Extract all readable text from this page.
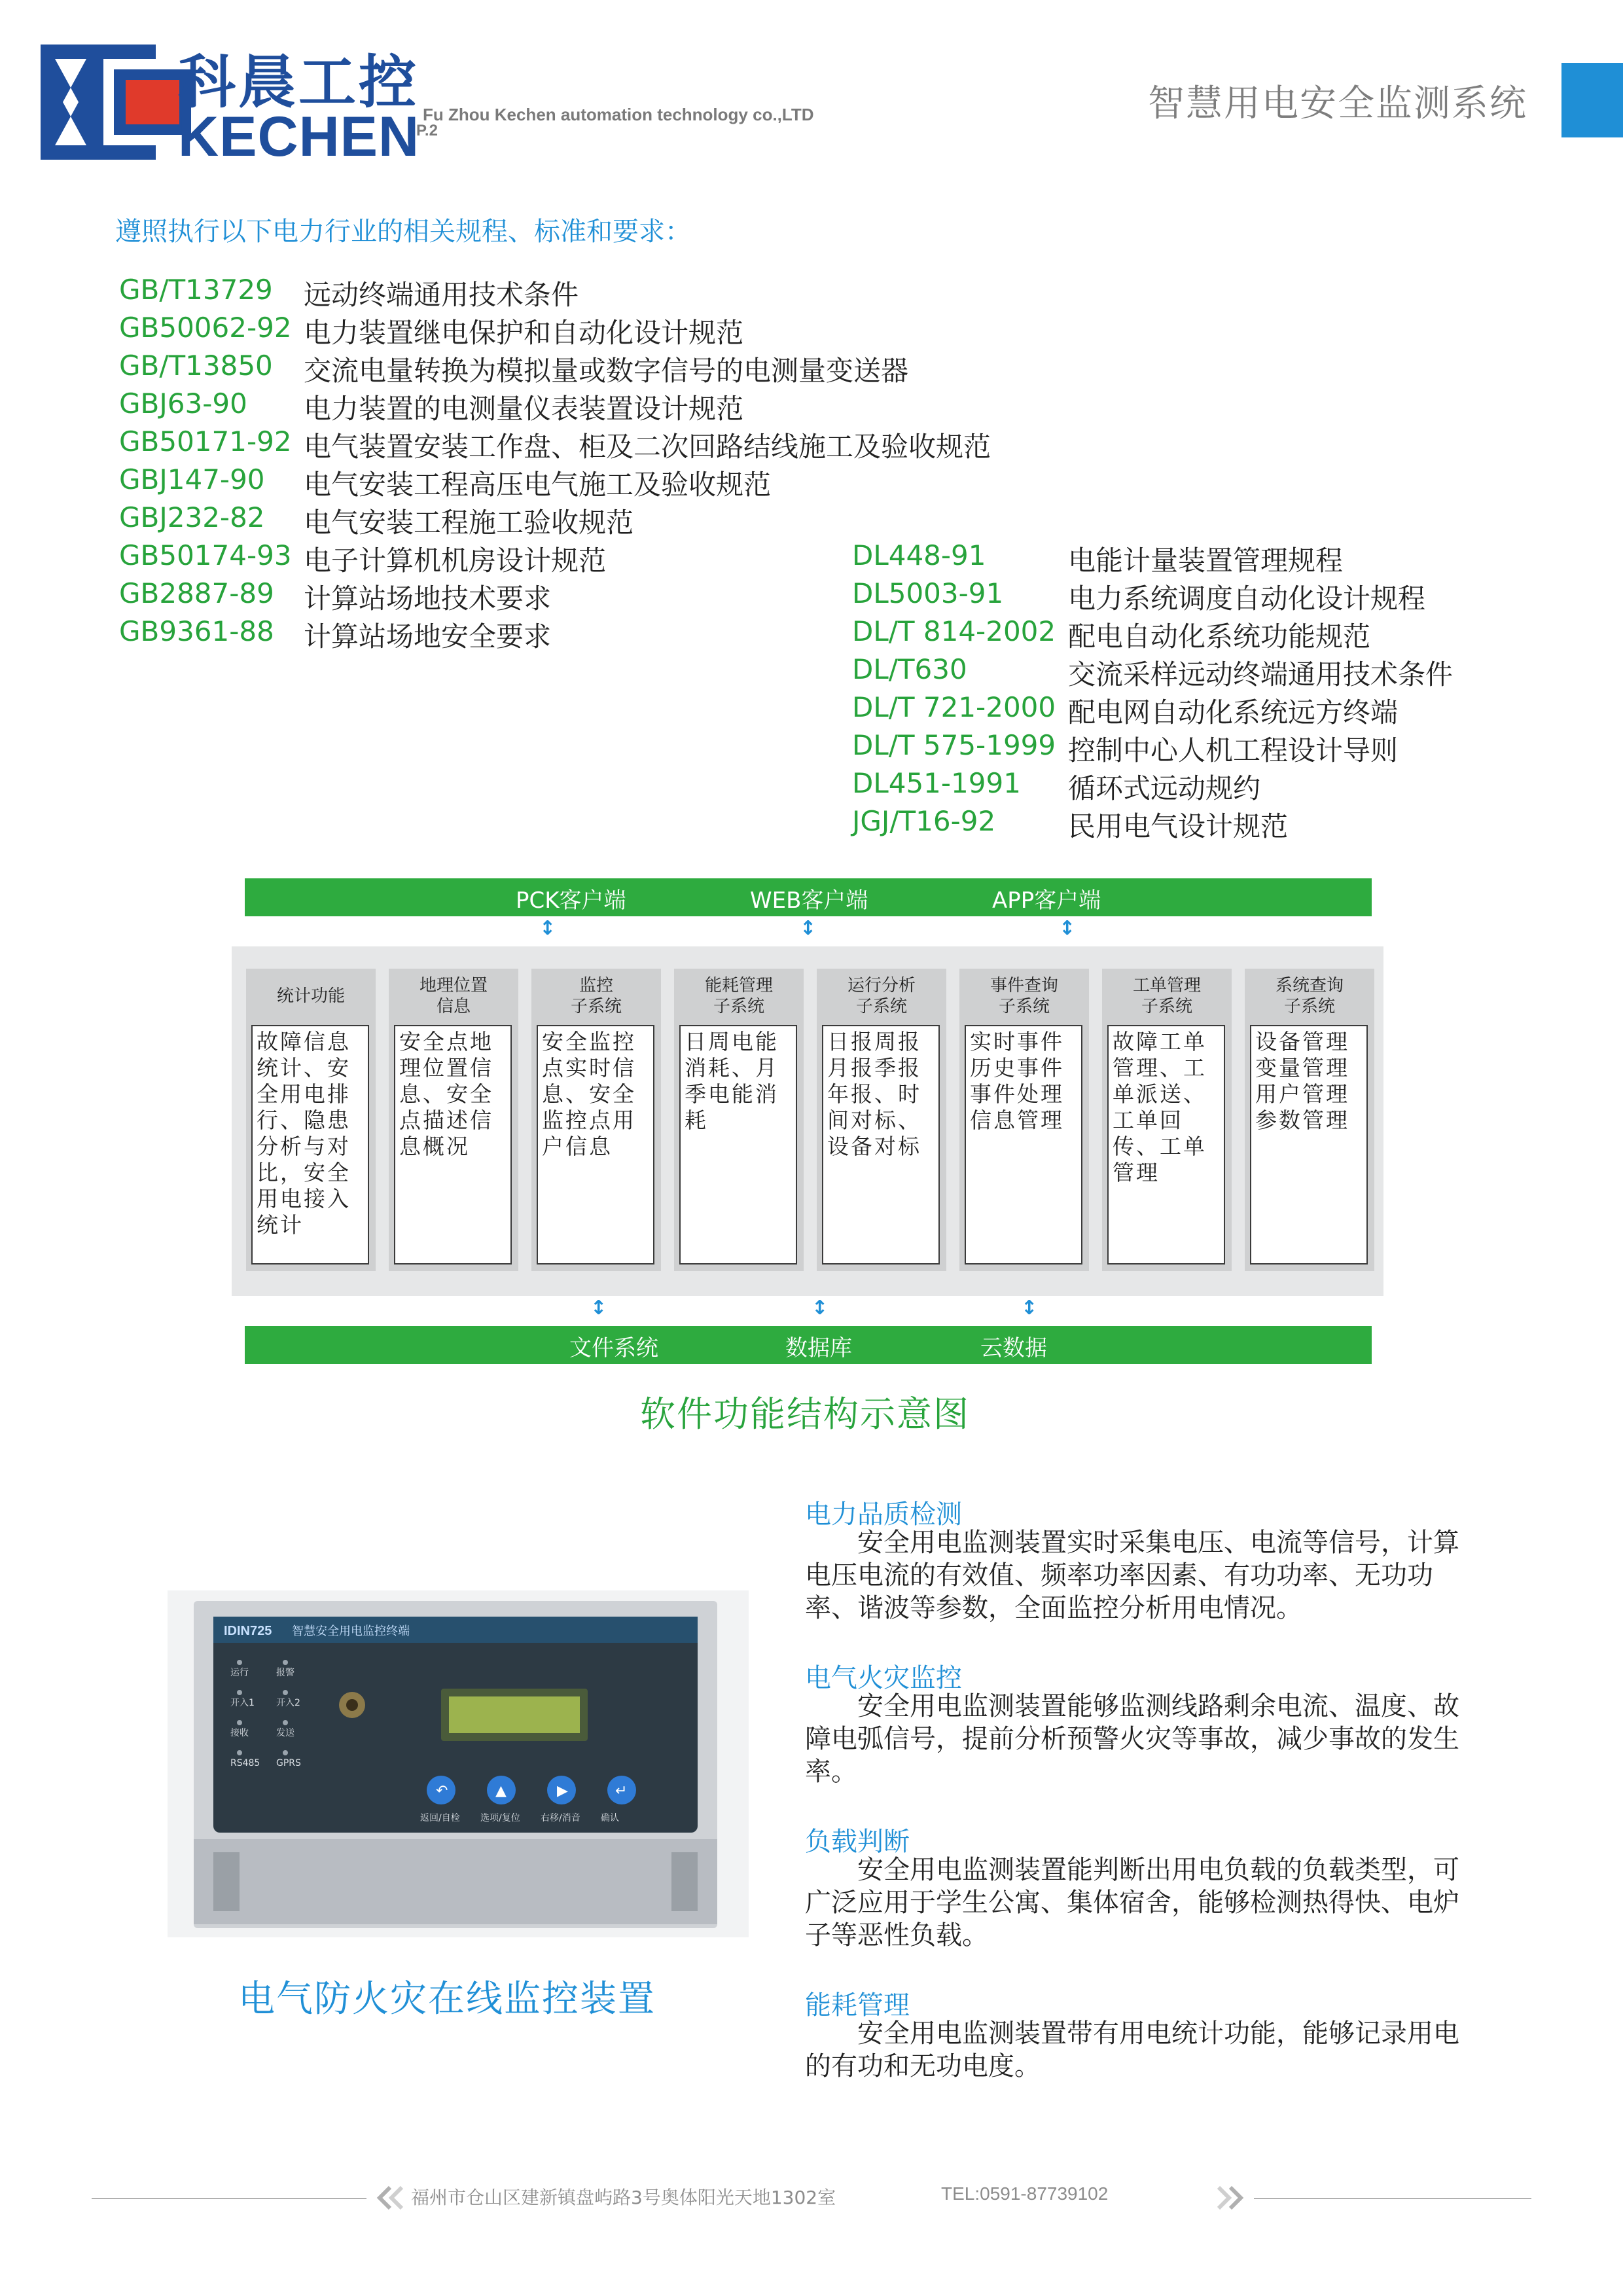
科晨工控
KECHEN Fu Zhou Kechen automation technology co.,LTD
P.2
智慧用电安全监测系统
遵照执行以下电力行业的相关规程、标准和要求：
GB/T13729 远动终端通用技术条件
GB50062-92 电力装置继电保护和自动化设计规范
GB/T13850 交流电量转换为模拟量或数字信号的电测量变送器
GBJ63-90 电力装置的电测量仪表装置设计规范
GB50171-92 电气装置安装工作盘、柜及二次回路结线施工及验收规范
GBJ147-90 电气安装工程高压电气施工及验收规范
GBJ232-82 电气安装工程施工验收规范
GB50174-93 电子计算机机房设计规范
GB2887-89 计算站场地技术要求
GB9361-88 计算站场地安全要求
DL448-91	电能计量装置管理规程
DL5003-91 电力系统调度自动化设计规程
DL/T 814-2002 配电自动化系统功能规范
DL/T630	交流采样远动终端通用技术条件
DL/T 721-2000 配电网自动化系统远方终端
DL/T 575-1999 控制中心人机工程设计导则
DL451-1991 循环式远动规约
JGJ/T16-92	民用电气设计规范
PCK客户端	WEB客户端	APP客户端
↕	↕	↕
统计功能
故障信息统计、安全用电排行、隐患分析与对比，安全用电接入统计
地理位置
信息
安全点地理位置信息、安全点描述信息概况
监控
子系统
安全监控点实时信息、安全监控点用户信息
能耗管理
子系统
日周电能消耗、月季电能消耗
运行分析
子系统
日报周报月报季报年报、时间对标、设备对标
事件查询
子系统
实时事件历史事件事件处理信息管理
工单管理
子系统
故障工单管理、工单派送、工单回传、工单管理
系统查询
子系统
设备管理变量管理用户管理参数管理
↕	↕	↕
文件系统	数据库	云数据
软件功能结构示意图
IDIN725 智慧安全用电监控终端
运行	报警
开入1 开入2
接收	发送
RS485 GPRS
↶	▲	▶	↵
返回/自检 选项/复位 右移/消音 确认
电气防火灾在线监控装置
电力品质检测
安全用电监测装置实时采集电压、电流等信号，计算电压电流的有效值、频率功率因素、有功功率、无功功率、谐波等参数，全面监控分析用电情况。
电气火灾监控
安全用电监测装置能够监测线路剩余电流、温度、故障电弧信号，提前分析预警火灾等事故，减少事故的发生率。
负载判断
安全用电监测装置能判断出用电负载的负载类型，可广泛应用于学生公寓、集体宿舍，能够检测热得快、电炉子等恶性负载。
能耗管理
安全用电监测装置带有用电统计功能，能够记录用电的有功和无功电度。
福州市仓山区建新镇盘屿路3号奥体阳光天地1302室	TEL:0591-87739102
